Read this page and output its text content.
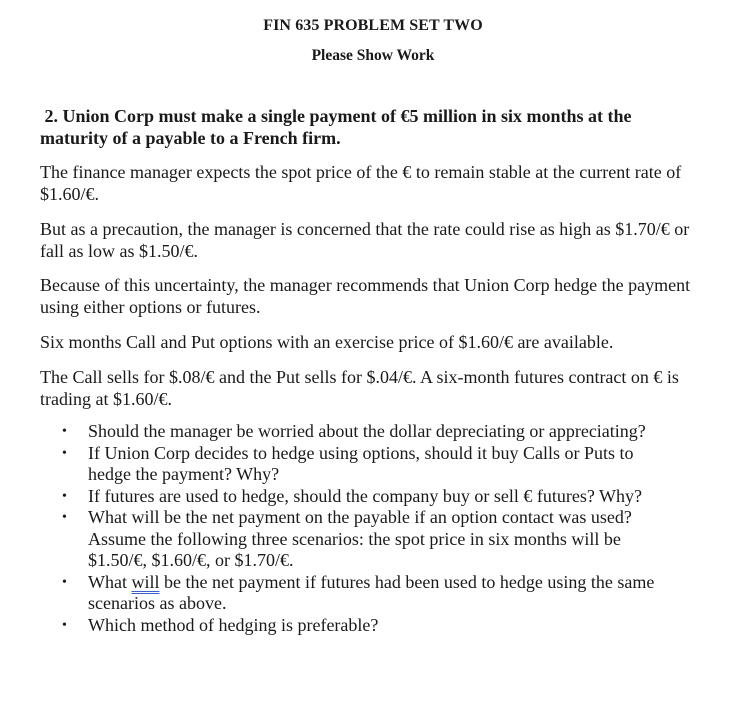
FIN 635 PROBLEM SET TWO
Please Show Work
2. Union Corp must make a single payment of €5 million in six months at the maturity of a payable to a French firm.
The finance manager expects the spot price of the € to remain stable at the current rate of $1.60/€.
But as a precaution, the manager is concerned that the rate could rise as high as $1.70/€ or fall as low as $1.50/€.
Because of this uncertainty, the manager recommends that Union Corp hedge the payment using either options or futures.
Six months Call and Put options with an exercise price of $1.60/€ are available.
The Call sells for $.08/€ and the Put sells for $.04/€. A six-month futures contract on € is trading at $1.60/€.
• Should the manager be worried about the dollar depreciating or appreciating?
• If Union Corp decides to hedge using options, should it buy Calls or Puts to hedge the payment? Why?
• If futures are used to hedge, should the company buy or sell € futures? Why?
• What will be the net payment on the payable if an option contact was used?
Assume the following three scenarios: the spot price in six months will be $1.50/€, $1.60/€, or $1.70/€.
• What will be the net payment if futures had been used to hedge using the same scenarios as above.
• Which method of hedging is preferable?
